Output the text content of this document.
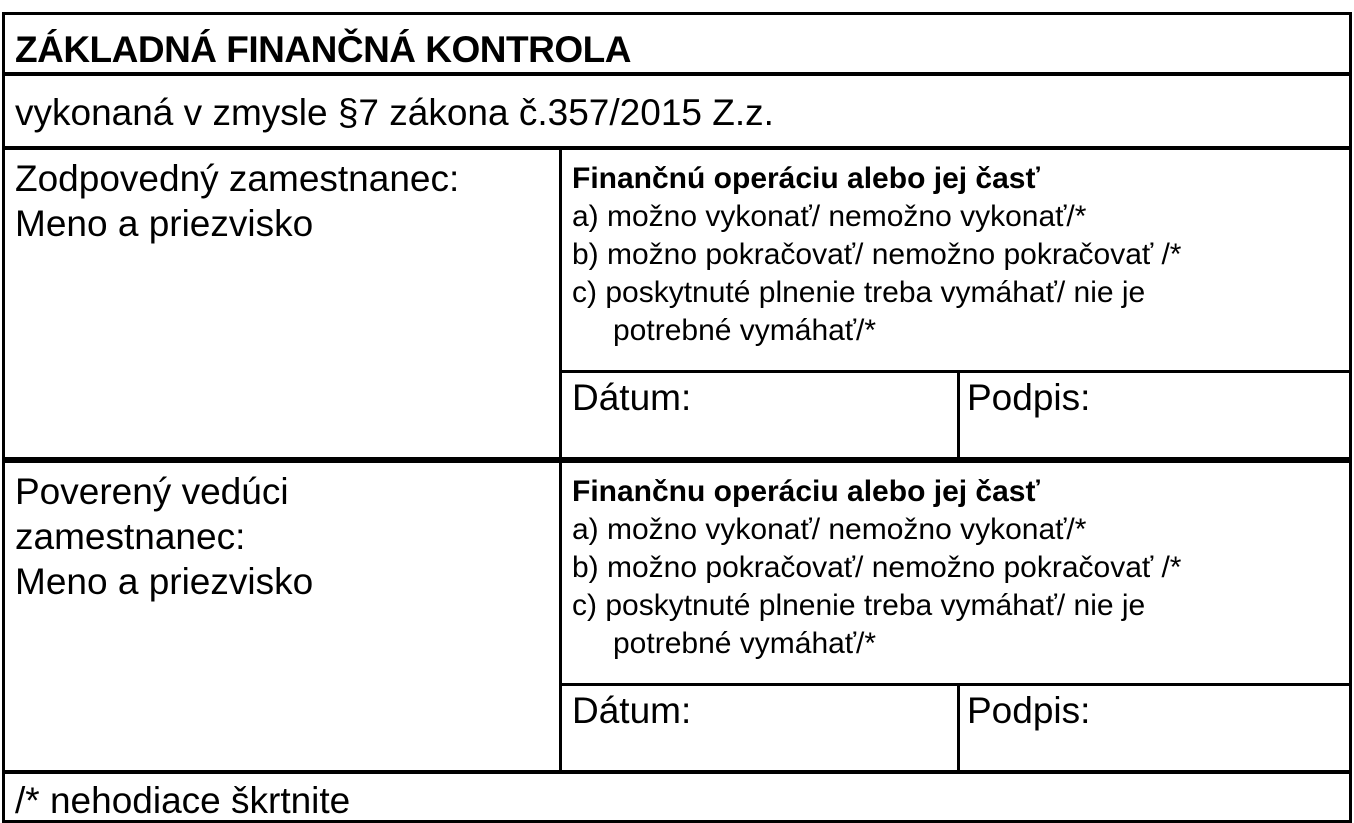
ZÁKLADNÁ FINANČNÁ KONTROLA
vykonaná v zmysle §7 zákona č.357/2015 Z.z.
Zodpovedný zamestnanec:
Meno a priezvisko
Finančnú operáciu alebo jej časť
a) možno vykonať/ nemožno vykonať/*
b) možno pokračovať/ nemožno pokračovať /*
c) poskytnuté plnenie treba vymáhať/ nie je
potrebné vymáhať/*
Dátum:	Podpis:
Poverený vedúci
zamestnanec:
Meno a priezvisko
Finančnu operáciu alebo jej časť
a) možno vykonať/ nemožno vykonať/*
b) možno pokračovať/ nemožno pokračovať /*
c) poskytnuté plnenie treba vymáhať/ nie je
potrebné vymáhať/*
Dátum:	Podpis:
/* nehodiace škrtnite
